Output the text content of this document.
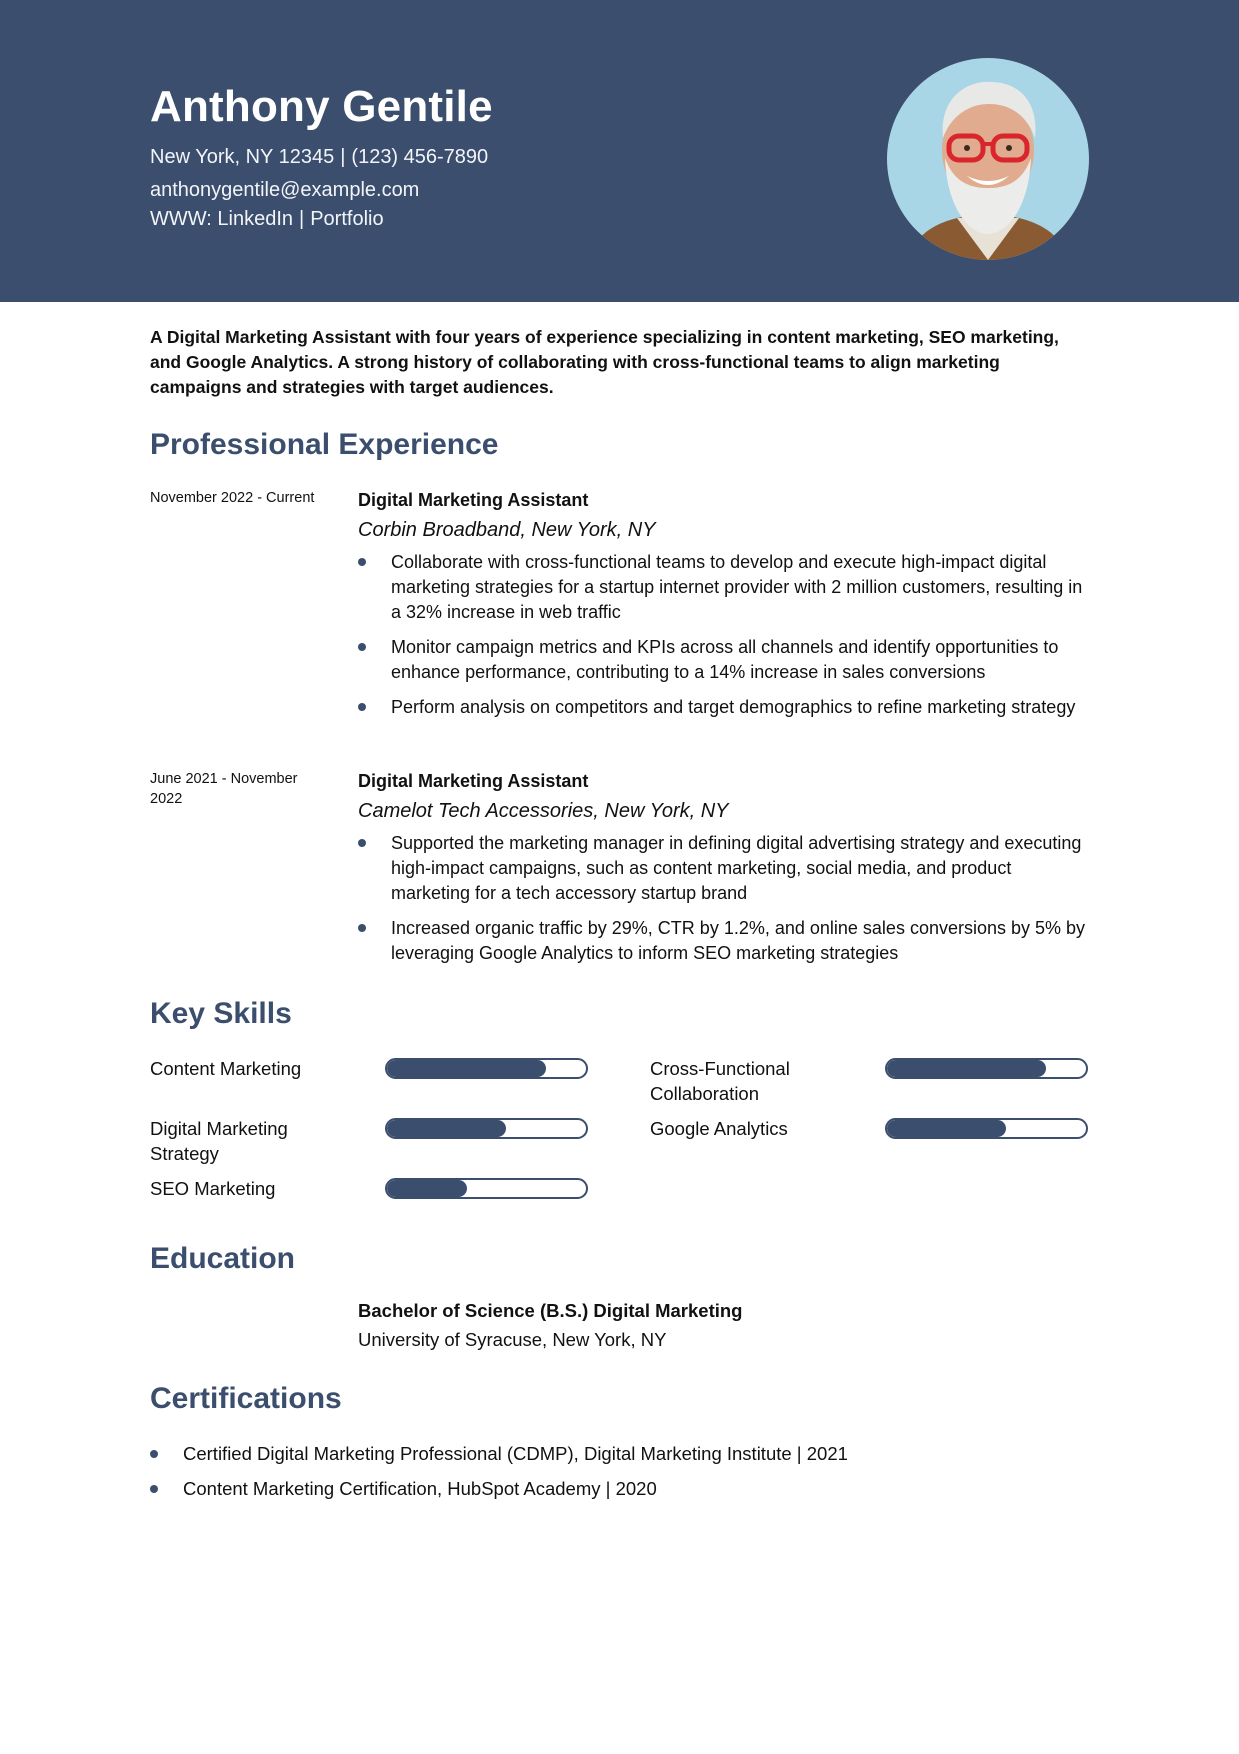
Anthony Gentile
New York, NY 12345 | (123) 456-7890
anthonygentile@example.com
WWW: LinkedIn | Portfolio
A Digital Marketing Assistant with four years of experience specializing in content marketing, SEO marketing, and Google Analytics. A strong history of collaborating with cross-functional teams to align marketing campaigns and strategies with target audiences.
Professional Experience
November 2022 - Current	Digital Marketing Assistant
Corbin Broadband, New York, NY
Collaborate with cross-functional teams to develop and execute high-impact digital marketing strategies for a startup internet provider with 2 million customers, resulting in a 32% increase in web traffic
Monitor campaign metrics and KPIs across all channels and identify opportunities to enhance performance, contributing to a 14% increase in sales conversions
Perform analysis on competitors and target demographics to refine marketing strategy
June 2021 - November 2022
Digital Marketing Assistant
Camelot Tech Accessories, New York, NY
Supported the marketing manager in defining digital advertising strategy and executing high-impact campaigns, such as content marketing, social media, and product marketing for a tech accessory startup brand
Increased organic traffic by 29%, CTR by 1.2%, and online sales conversions by 5% by leveraging Google Analytics to inform SEO marketing strategies
Key Skills
Content Marketing	Cross-Functional Collaboration
Digital Marketing Strategy
Google Analytics
SEO Marketing
Education
Bachelor of Science (B.S.) Digital Marketing
University of Syracuse, New York, NY
Certifications
Certified Digital Marketing Professional (CDMP), Digital Marketing Institute | 2021
Content Marketing Certification, HubSpot Academy | 2020
